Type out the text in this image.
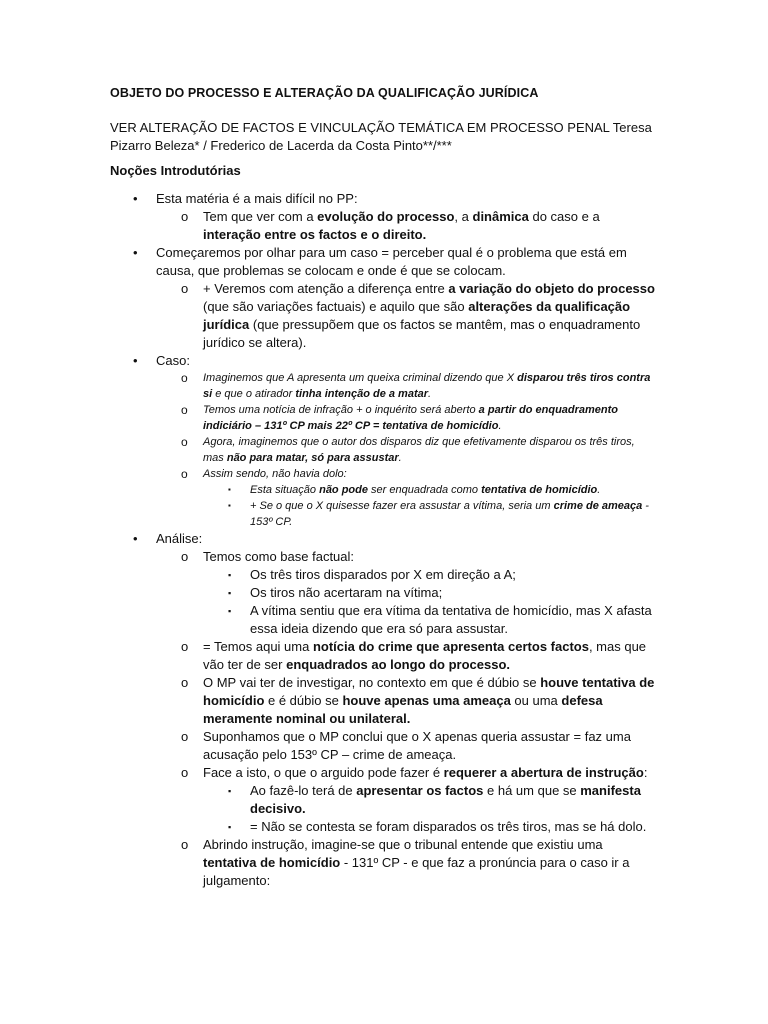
OBJETO DO PROCESSO E ALTERAÇÃO DA QUALIFICAÇÃO JURÍDICA
VER ALTERAÇÃO DE FACTOS E VINCULAÇÃO TEMÁTICA EM PROCESSO PENAL Teresa Pizarro Beleza* / Frederico de Lacerda da Costa Pinto**/***
Noções Introdutórias
• Esta matéria é a mais difícil no PP:
o Tem que ver com a evolução do processo, a dinâmica do caso e a interação entre os factos e o direito.
• Começaremos por olhar para um caso = perceber qual é o problema que está em causa, que problemas se colocam e onde é que se colocam.
o + Veremos com atenção a diferença entre a variação do objeto do processo (que são variações factuais) e aquilo que são alterações da qualificação jurídica (que pressupõem que os factos se mantêm, mas o enquadramento jurídico se altera).
• Caso:
o Imaginemos que A apresenta um queixa criminal dizendo que X disparou três tiros contra si e que o atirador tinha intenção de a matar.
o Temos uma notícia de infração + o inquérito será aberto a partir do enquadramento indiciário – 131º CP mais 22º CP = tentativa de homicídio.
o Agora, imaginemos que o autor dos disparos diz que efetivamente disparou os três tiros, mas não para matar, só para assustar.
o Assim sendo, não havia dolo:
▪ Esta situação não pode ser enquadrada como tentativa de homicídio.
▪ + Se o que o X quisesse fazer era assustar a vítima, seria um crime de ameaça - 153º CP.
• Análise:
o Temos como base factual:
▪ Os três tiros disparados por X em direção a A;
▪ Os tiros não acertaram na vítima;
▪ A vítima sentiu que era vítima da tentativa de homicídio, mas X afasta essa ideia dizendo que era só para assustar.
o = Temos aqui uma notícia do crime que apresenta certos factos, mas que vão ter de ser enquadrados ao longo do processo.
o O MP vai ter de investigar, no contexto em que é dúbio se houve tentativa de homicídio e é dúbio se houve apenas uma ameaça ou uma defesa meramente nominal ou unilateral.
o Suponhamos que o MP conclui que o X apenas queria assustar = faz uma acusação pelo 153º CP – crime de ameaça.
o Face a isto, o que o arguido pode fazer é requerer a abertura de instrução:
▪ Ao fazê-lo terá de apresentar os factos e há um que se manifesta decisivo.
▪ = Não se contesta se foram disparados os três tiros, mas se há dolo.
o Abrindo instrução, imagine-se que o tribunal entende que existiu uma tentativa de homicídio - 131º CP - e que faz a pronúncia para o caso ir a julgamento:
